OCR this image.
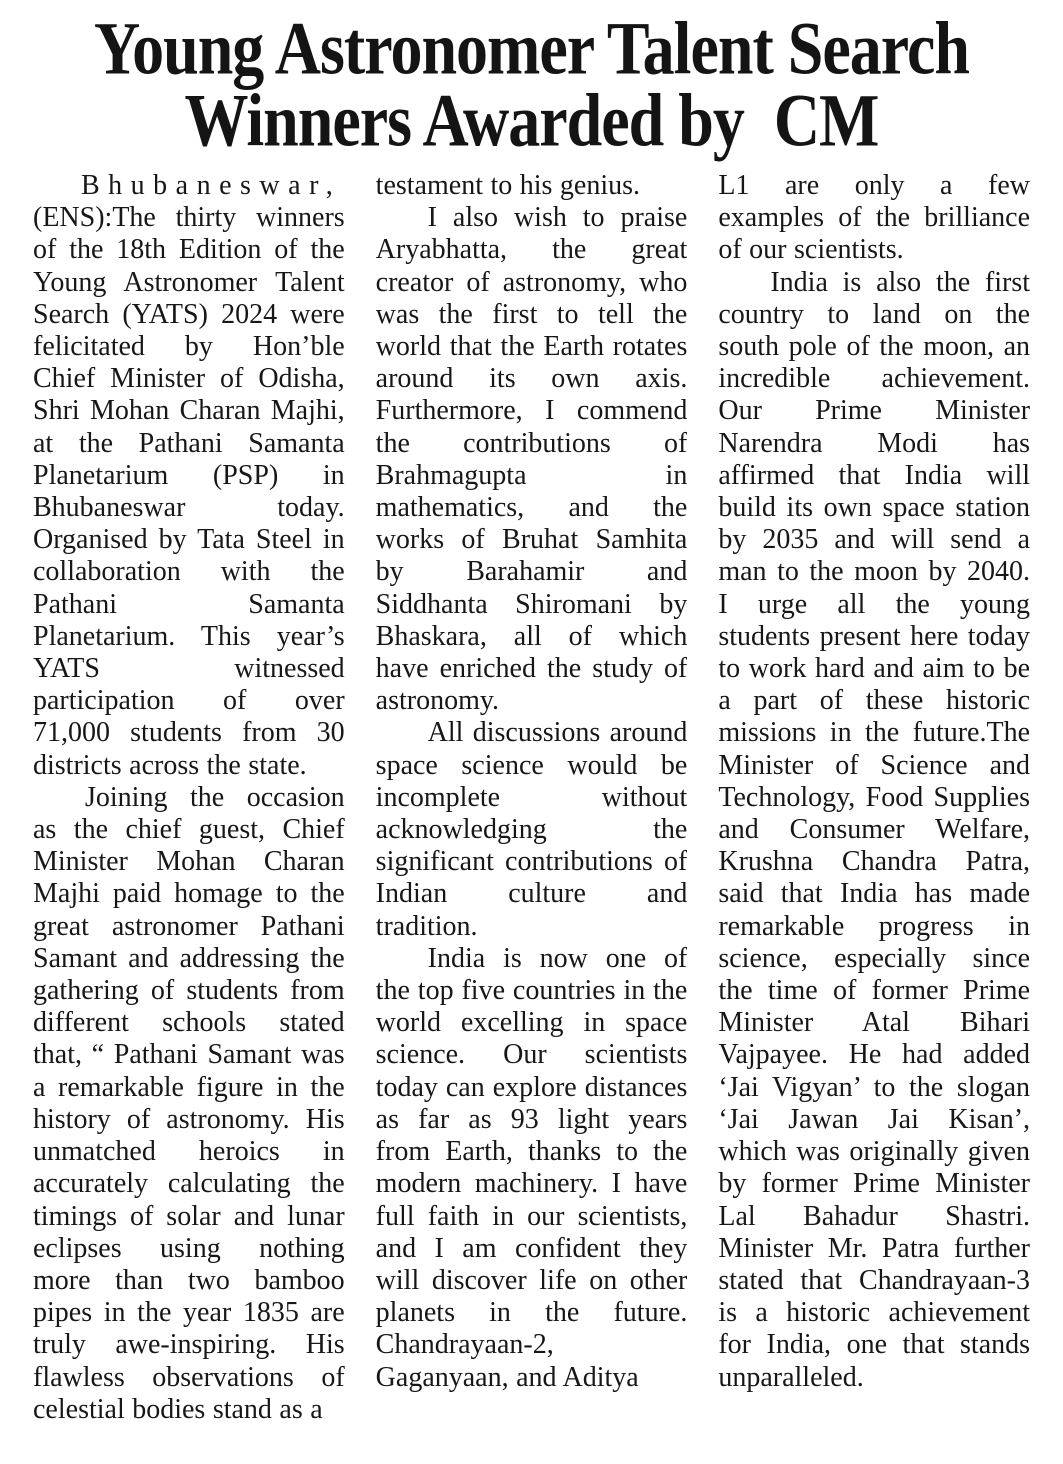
Young Astronomer Talent Search
Winners Awarded by  CM
Bhubaneswar,

(ENS):The thirty winners of the 18th Edition of the Young Astronomer Talent Search (YATS) 2024 were felicitated by Hon’ble Chief Minister of Odisha, Shri Mohan Charan Majhi, at the Pathani Samanta Planetarium (PSP) in Bhubaneswar today. Organised by Tata Steel in collaboration with the Pathani Samanta Planetarium. This year’s YATS witnessed participation of over 71,000 students from 30 districts across the state.

Joining the occasion as the chief guest, Chief Minister Mohan Charan Majhi paid homage to the great astronomer Pathani Samant and addressing the gathering of students from different schools stated that, “ Pathani Samant was a remarkable figure in the history of astronomy. His unmatched heroics in accurately calculating the timings of solar and lunar eclipses using nothing more than two bamboo pipes in the year 1835 are truly awe-inspiring. His flawless observations of celestial bodies stand as a

testament to his genius.

I also wish to praise Aryabhatta, the great creator of astronomy, who was the first to tell the world that the Earth rotates around its own axis. Furthermore, I commend the contributions of Brahmagupta in mathematics, and the works of Bruhat Samhita by Barahamir and Siddhanta Shiromani by Bhaskara, all of which have enriched the study of astronomy.

All discussions around space science would be incomplete without acknowledging the significant contributions of Indian culture and tradition.

India is now one of the top five countries in the world excelling in space science. Our scientists today can explore distances as far as 93 light years from Earth, thanks to the modern machinery. I have full faith in our scientists, and I am confident they will discover life on other planets in the future. Chandrayaan-2, Gaganyaan, and Aditya

L1 are only a few examples of the brilliance of our scientists.

India is also the first country to land on the south pole of the moon, an incredible achievement. Our Prime Minister Narendra Modi has affirmed that India will build its own space station by 2035 and will send a man to the moon by 2040. I urge all the young students present here today to work hard and aim to be a part of these historic missions in the future.The Minister of Science and Technology, Food Supplies and Consumer Welfare, Krushna Chandra Patra, said that India has made remarkable progress in science, especially since the time of former Prime Minister Atal Bihari Vajpayee. He had added ‘Jai Vigyan’ to the slogan ‘Jai Jawan Jai Kisan’, which was originally given by former Prime Minister Lal Bahadur Shastri. Minister Mr. Patra further stated that Chandrayaan-3 is a historic achievement for India, one that stands unparalleled.
